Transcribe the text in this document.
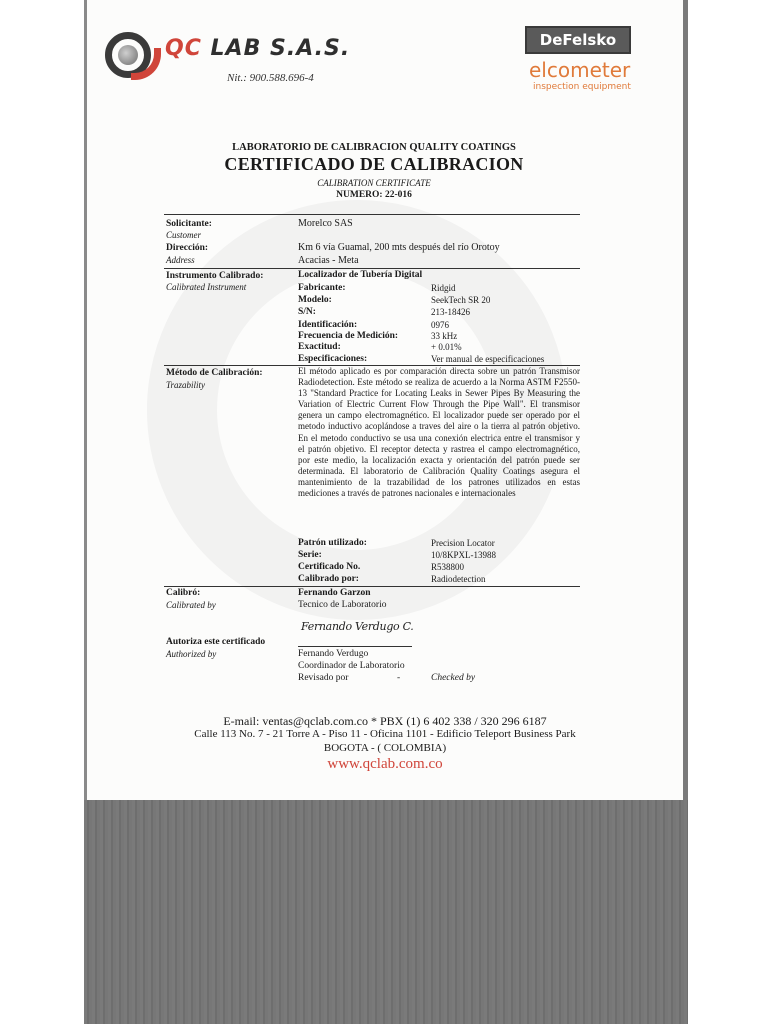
QC LAB S.A.S.
Nit.: 900.588.696-4
DeFelsko
elcometer
inspection equipment
LABORATORIO DE CALIBRACION QUALITY COATINGS
CERTIFICADO DE CALIBRACION
CALIBRATION CERTIFICATE
NUMERO: 22-016
Solicitante:
Customer
Morelco SAS
Dirección:
Address
Km 6 vía Guamal, 200 mts después del río Orotoy
Acacias - Meta
Instrumento Calibrado:
Calibrated Instrument
Localizador de Tubería Digital
Fabricante:	Ridgid
Modelo:	SeekTech SR 20
S/N:	213-18426
Identificación:	0976
Frecuencia de Medición:	33 kHz
Exactitud:	+ 0.01%
Especificaciones:	Ver manual de especificaciones
Método de Calibración:
Trazability
El método aplicado es por comparación directa sobre un patrón Transmisor Radiodetection. Este método se realiza de acuerdo a la Norma ASTM F2550-13 "Standard Practice for Locating Leaks in Sewer Pipes By Measuring the Variation of Electric Current Flow Through the Pipe Wall". El transmisor genera un campo electromagnético. El localizador puede ser operado por el metodo inductivo acoplándose a traves del aire o la tierra al patrón objetivo. En el metodo conductivo se usa una conexión electrica entre el transmisor y el patrón objetivo. El receptor detecta y rastrea el campo electromagnético, por este medio, la localización exacta y orientación del patrón puede ser determinada. El laboratorio de Calibración Quality Coatings asegura el mantenimiento de la trazabilidad de los patrones utilizados en estas mediciones a través de patrones nacionales e internacionales
Patrón utilizado:	Precision Locator
Serie:	10/8KPXL-13988
Certificado No.	R538800
Calibrado por:	Radiodetection
Calibró:
Calibrated by
Fernando Garzon
Tecnico de Laboratorio
Fernando Verdugo C.
Autoriza este certificado
Authorized by	Fernando Verdugo
Coordinador de Laboratorio
Revisado por	-	Checked by
E-mail: ventas@qclab.com.co * PBX (1) 6 402 338 / 320 296 6187
Calle 113 No. 7 - 21 Torre A - Piso 11 - Oficina 1101 - Edificio Teleport Business Park
BOGOTA - ( COLOMBIA)
www.qclab.com.co
